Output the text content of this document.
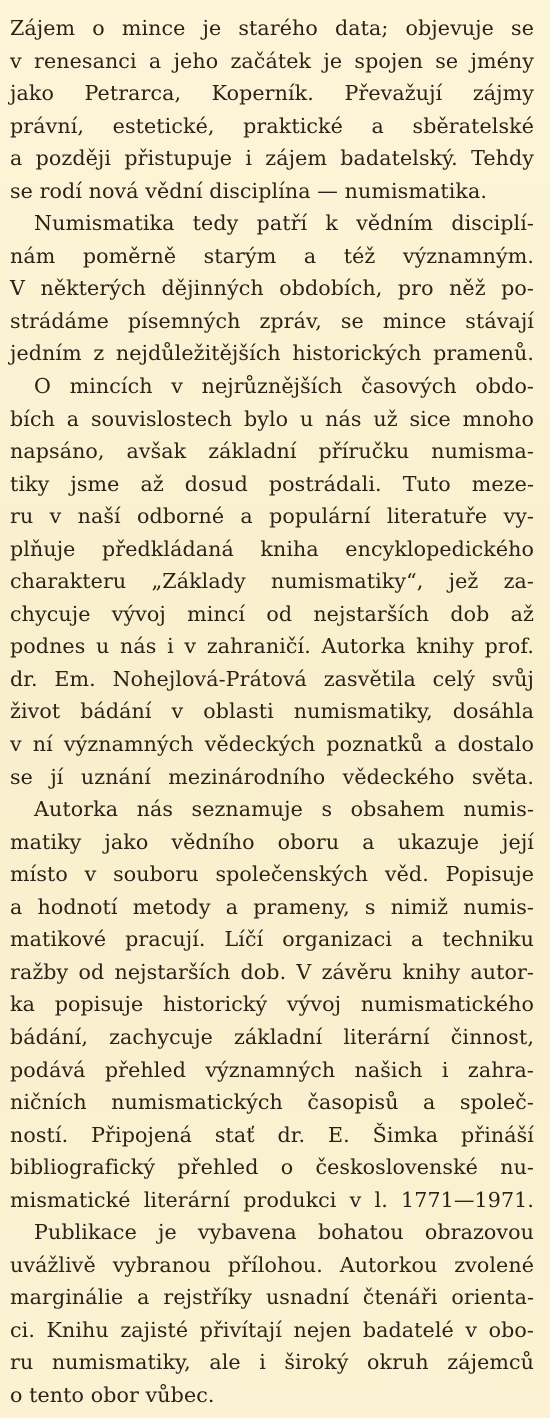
Zájem o mince je starého data; objevuje se
v renesanci a jeho začátek je spojen se jmény
jako Petrarca, Koperník. Převažují zájmy
právní, estetické, praktické a sběratelské
a později přistupuje i zájem badatelský. Tehdy
se rodí nová vědní disciplína — numismatika.
Numismatika tedy patří k vědním disciplí-
nám poměrně starým a též významným.
V některých dějinných obdobích, pro něž po-
strádáme písemných zpráv, se mince stávají
jedním z nejdůležitějších historických pramenů.
O mincích v nejrůznějších časových obdo-
bích a souvislostech bylo u nás už sice mnoho
napsáno, avšak základní příručku numisma-
tiky jsme až dosud postrádali. Tuto meze-
ru v naší odborné a populární literatuře vy-
plňuje předkládaná kniha encyklopedického
charakteru „Základy numismatiky“, jež za-
chycuje vývoj mincí od nejstarších dob až
podnes u nás i v zahraničí. Autorka knihy prof.
dr. Em. Nohejlová-Prátová zasvětila celý svůj
život bádání v oblasti numismatiky, dosáhla
v ní významných vědeckých poznatků a dostalo
se jí uznání mezinárodního vědeckého světa.
Autorka nás seznamuje s obsahem numis-
matiky jako vědního oboru a ukazuje její
místo v souboru společenských věd. Popisuje
a hodnotí metody a prameny, s nimiž numis-
matikové pracují. Líčí organizaci a techniku
ražby od nejstarších dob. V závěru knihy autor-
ka popisuje historický vývoj numismatického
bádání, zachycuje základní literární činnost,
podává přehled významných našich i zahra-
ničních numismatických časopisů a společ-
ností. Připojená stať dr. E. Šimka přináší
bibliografický přehled o československé nu-
mismatické literární produkci v l. 1771—1971.
Publikace je vybavena bohatou obrazovou
uvážlivě vybranou přílohou. Autorkou zvolené
marginálie a rejstříky usnadní čtenáři orienta-
ci. Knihu zajisté přivítají nejen badatelé v obo-
ru numismatiky, ale i široký okruh zájemců
o tento obor vůbec.
